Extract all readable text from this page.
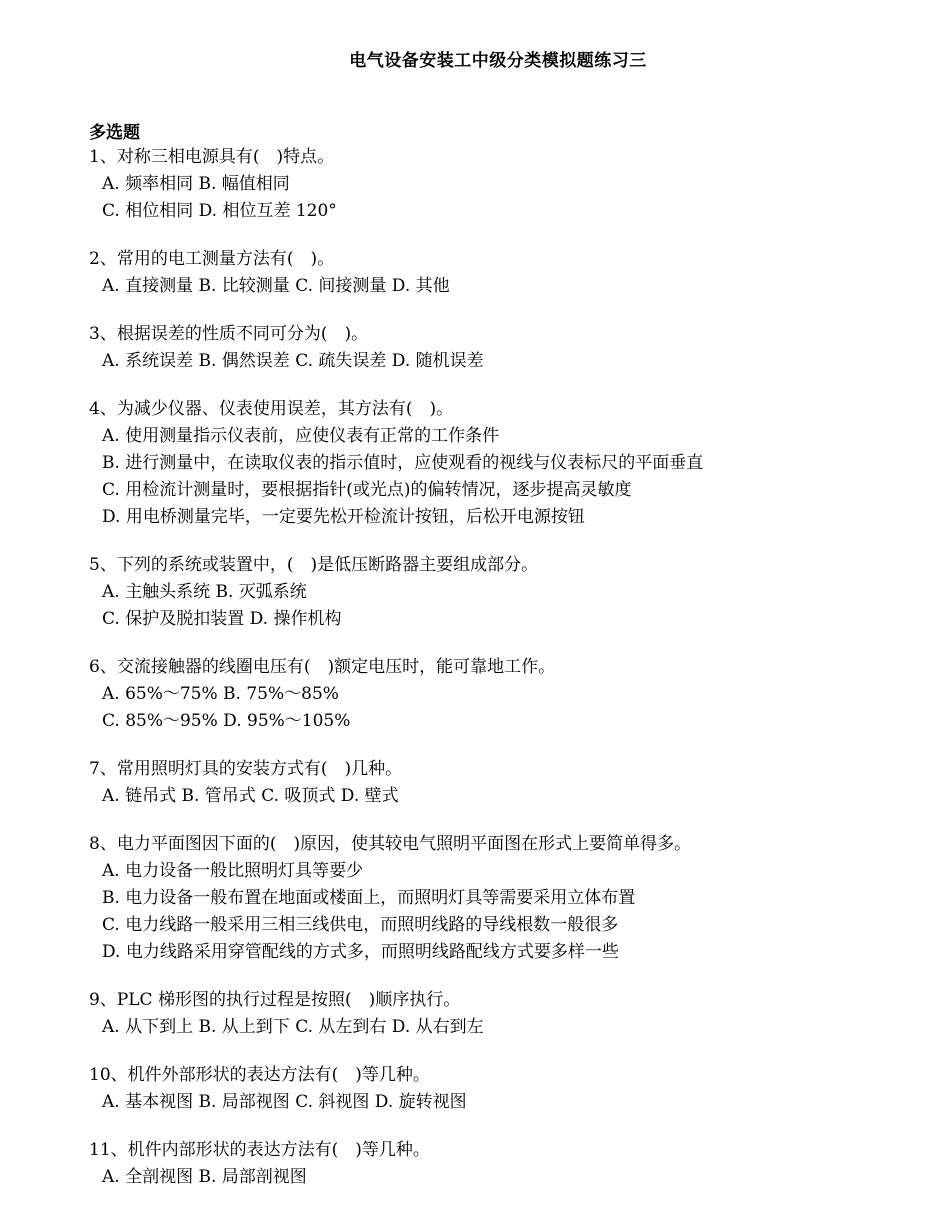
电气设备安装工中级分类模拟题练习三
多选题
1、对称三相电源具有(　)特点。
A. 频率相同 B. 幅值相同
C. 相位相同 D. 相位互差 120°
2、常用的电工测量方法有(　)。
A. 直接测量 B. 比较测量 C. 间接测量 D. 其他
3、根据误差的性质不同可分为(　)。
A. 系统误差 B. 偶然误差 C. 疏失误差 D. 随机误差
4、为减少仪器、仪表使用误差，其方法有(　)。
A. 使用测量指示仪表前，应使仪表有正常的工作条件
B. 进行测量中，在读取仪表的指示值时，应使观看的视线与仪表标尺的平面垂直
C. 用检流计测量时，要根据指针(或光点)的偏转情况，逐步提高灵敏度
D. 用电桥测量完毕，一定要先松开检流计按钮，后松开电源按钮
5、下列的系统或装置中，(　)是低压断路器主要组成部分。
A. 主触头系统 B. 灭弧系统
C. 保护及脱扣装置 D. 操作机构
6、交流接触器的线圈电压有(　)额定电压时，能可靠地工作。
A. 65%～75% B. 75%～85%
C. 85%～95% D. 95%～105%
7、常用照明灯具的安装方式有(　)几种。
A. 链吊式 B. 管吊式 C. 吸顶式 D. 壁式
8、电力平面图因下面的(　)原因，使其较电气照明平面图在形式上要简单得多。
A. 电力设备一般比照明灯具等要少
B. 电力设备一般布置在地面或楼面上，而照明灯具等需要采用立体布置
C. 电力线路一般采用三相三线供电，而照明线路的导线根数一般很多
D. 电力线路采用穿管配线的方式多，而照明线路配线方式要多样一些
9、PLC 梯形图的执行过程是按照(　)顺序执行。
A. 从下到上 B. 从上到下 C. 从左到右 D. 从右到左
10、机件外部形状的表达方法有(　)等几种。
A. 基本视图 B. 局部视图 C. 斜视图 D. 旋转视图
11、机件内部形状的表达方法有(　)等几种。
A. 全剖视图 B. 局部剖视图
